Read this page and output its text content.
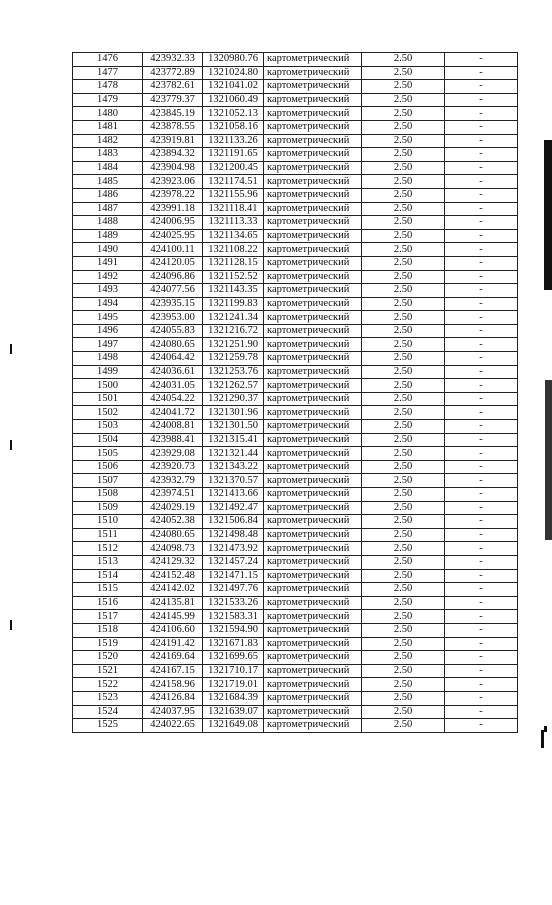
1476	423932.33	1320980.76	картометрический	2.50	-
1477	423772.89	1321024.80	картометрический	2.50	-
1478	423782.61	1321041.02	картометрический	2.50	-
1479	423779.37	1321060.49	картометрический	2.50	-
1480	423845.19	1321052.13	картометрический	2.50	-
1481	423878.55	1321058.16	картометрический	2.50	-
1482	423919.81	1321133.26	картометрический	2.50	-
1483	423894.32	1321191.65	картометрический	2.50	-
1484	423904.98	1321200.45	картометрический	2.50	-
1485	423923.06	1321174.51	картометрический	2.50	-
1486	423978.22	1321155.96	картометрический	2.50	-
1487	423991.18	1321118.41	картометрический	2.50	-
1488	424006.95	1321113.33	картометрический	2.50	-
1489	424025.95	1321134.65	картометрический	2.50	-
1490	424100.11	1321108.22	картометрический	2.50	-
1491	424120.05	1321128.15	картометрический	2.50	-
1492	424096.86	1321152.52	картометрический	2.50	-
1493	424077.56	1321143.35	картометрический	2.50	-
1494	423935.15	1321199.83	картометрический	2.50	-
1495	423953.00	1321241.34	картометрический	2.50	-
1496	424055.83	1321216.72	картометрический	2.50	-
1497	424080.65	1321251.90	картометрический	2.50	-
1498	424064.42	1321259.78	картометрический	2.50	-
1499	424036.61	1321253.76	картометрический	2.50	-
1500	424031.05	1321262.57	картометрический	2.50	-
1501	424054.22	1321290.37	картометрический	2.50	-
1502	424041.72	1321301.96	картометрический	2.50	-
1503	424008.81	1321301.50	картометрический	2.50	-
1504	423988.41	1321315.41	картометрический	2.50	-
1505	423929.08	1321321.44	картометрический	2.50	-
1506	423920.73	1321343.22	картометрический	2.50	-
1507	423932.79	1321370.57	картометрический	2.50	-
1508	423974.51	1321413.66	картометрический	2.50	-
1509	424029.19	1321492.47	картометрический	2.50	-
1510	424052.38	1321506.84	картометрический	2.50	-
1511	424080.65	1321498.48	картометрический	2.50	-
1512	424098.73	1321473.92	картометрический	2.50	-
1513	424129.32	1321457.24	картометрический	2.50	-
1514	424152.48	1321471.15	картометрический	2.50	-
1515	424142.02	1321497.76	картометрический	2.50	-
1516	424135.81	1321533.26	картометрический	2.50	-
1517	424145.99	1321583.31	картометрический	2.50	-
1518	424106.60	1321594.90	картометрический	2.50	-
1519	424191.42	1321671.83	картометрический	2.50	-
1520	424169.64	1321699.65	картометрический	2.50	-
1521	424167.15	1321710.17	картометрический	2.50	-
1522	424158.96	1321719.01	картометрический	2.50	-
1523	424126.84	1321684.39	картометрический	2.50	-
1524	424037.95	1321639.07	картометрический	2.50	-
1525	424022.65	1321649.08	картометрический	2.50	-
